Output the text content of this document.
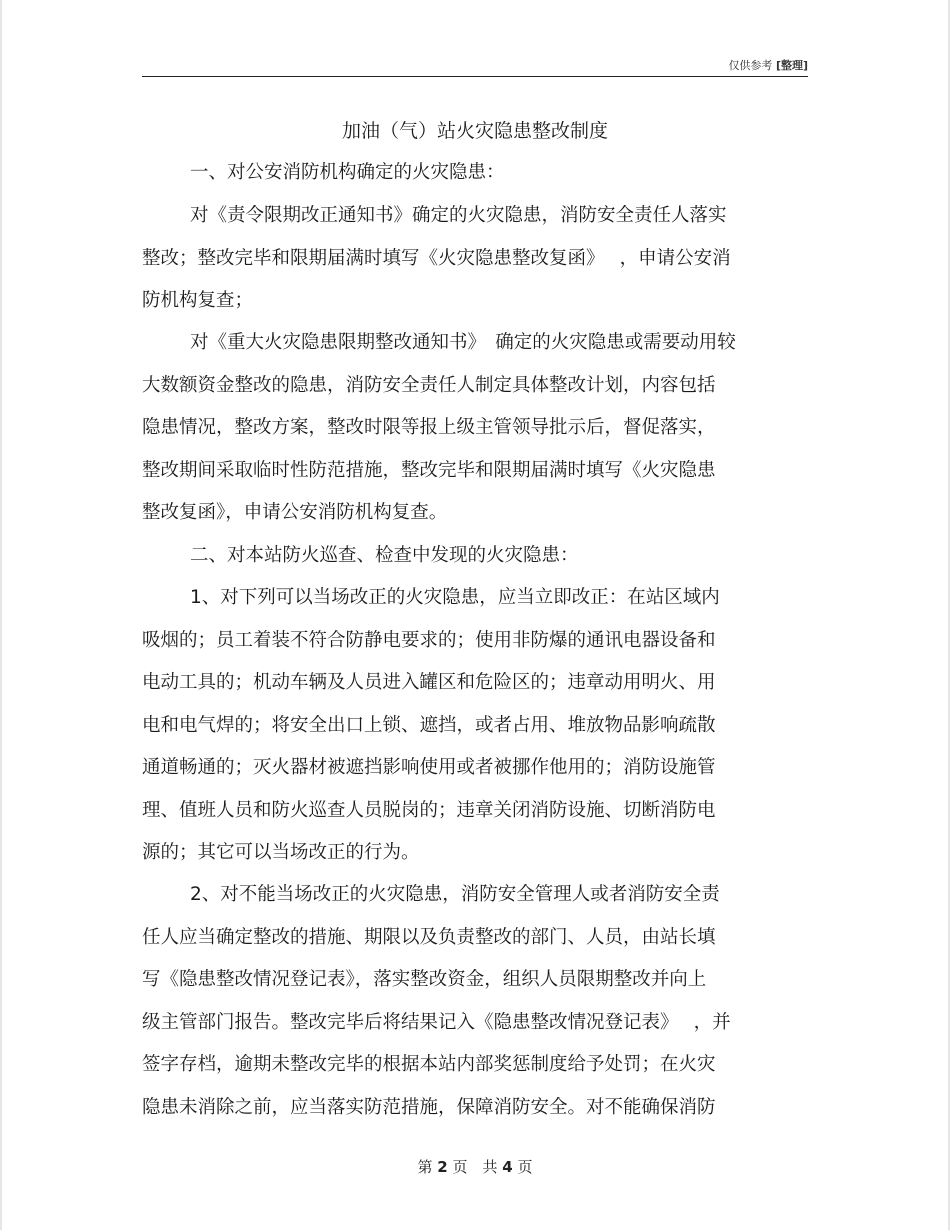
仅供参考 [整理]
加油（气）站火灾隐患整改制度
一、对公安消防机构确定的火灾隐患：
对《责令限期改正通知书》确定的火灾隐患，消防安全责任人落实
整改；整改完毕和限期届满时填写《火灾隐患整改复函》　 ，申请公安消
防机构复查；
对《重大火灾隐患限期整改通知书》　确定的火灾隐患或需要动用较
大数额资金整改的隐患，消防安全责任人制定具体整改计划，内容包括
隐患情况，整改方案，整改时限等报上级主管领导批示后，督促落实，
整改期间采取临时性防范措施，整改完毕和限期届满时填写《火灾隐患
整改复函》，申请公安消防机构复查。
二、对本站防火巡查、检查中发现的火灾隐患：
1、对下列可以当场改正的火灾隐患，应当立即改正：在站区域内
吸烟的；员工着装不符合防静电要求的；使用非防爆的通讯电器设备和
电动工具的；机动车辆及人员进入罐区和危险区的；违章动用明火、用
电和电气焊的；将安全出口上锁、遮挡，或者占用、堆放物品影响疏散
通道畅通的；灭火器材被遮挡影响使用或者被挪作他用的；消防设施管
理、值班人员和防火巡查人员脱岗的；违章关闭消防设施、切断消防电
源的；其它可以当场改正的行为。
2、对不能当场改正的火灾隐患，消防安全管理人或者消防安全责
任人应当确定整改的措施、期限以及负责整改的部门、人员，由站长填
写《隐患整改情况登记表》，落实整改资金，组织人员限期整改并向上
级主管部门报告。整改完毕后将结果记入《隐患整改情况登记表》　 ，并
签字存档，逾期未整改完毕的根据本站内部奖惩制度给予处罚；在火灾
隐患未消除之前，应当落实防范措施，保障消防安全。对不能确保消防
第 2 页　共 4 页
